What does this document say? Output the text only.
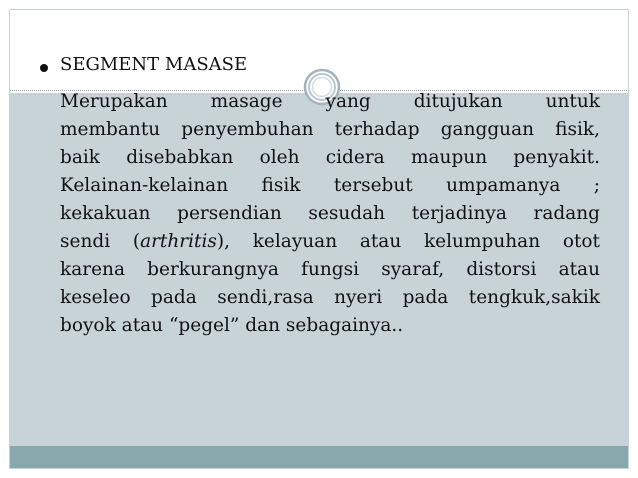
SEGMENT MASASE
Merupakan masage yang ditujukan untuk
membantu penyembuhan terhadap gangguan fisik,
baik disebabkan oleh cidera maupun penyakit.
Kelainan-kelainan fisik tersebut umpamanya ;
kekakuan persendian sesudah terjadinya radang
sendi (arthritis), kelayuan atau kelumpuhan otot
karena berkurangnya fungsi syaraf, distorsi atau
keseleo pada sendi,rasa nyeri pada tengkuk,sakik
boyok atau “pegel” dan sebagainya..
